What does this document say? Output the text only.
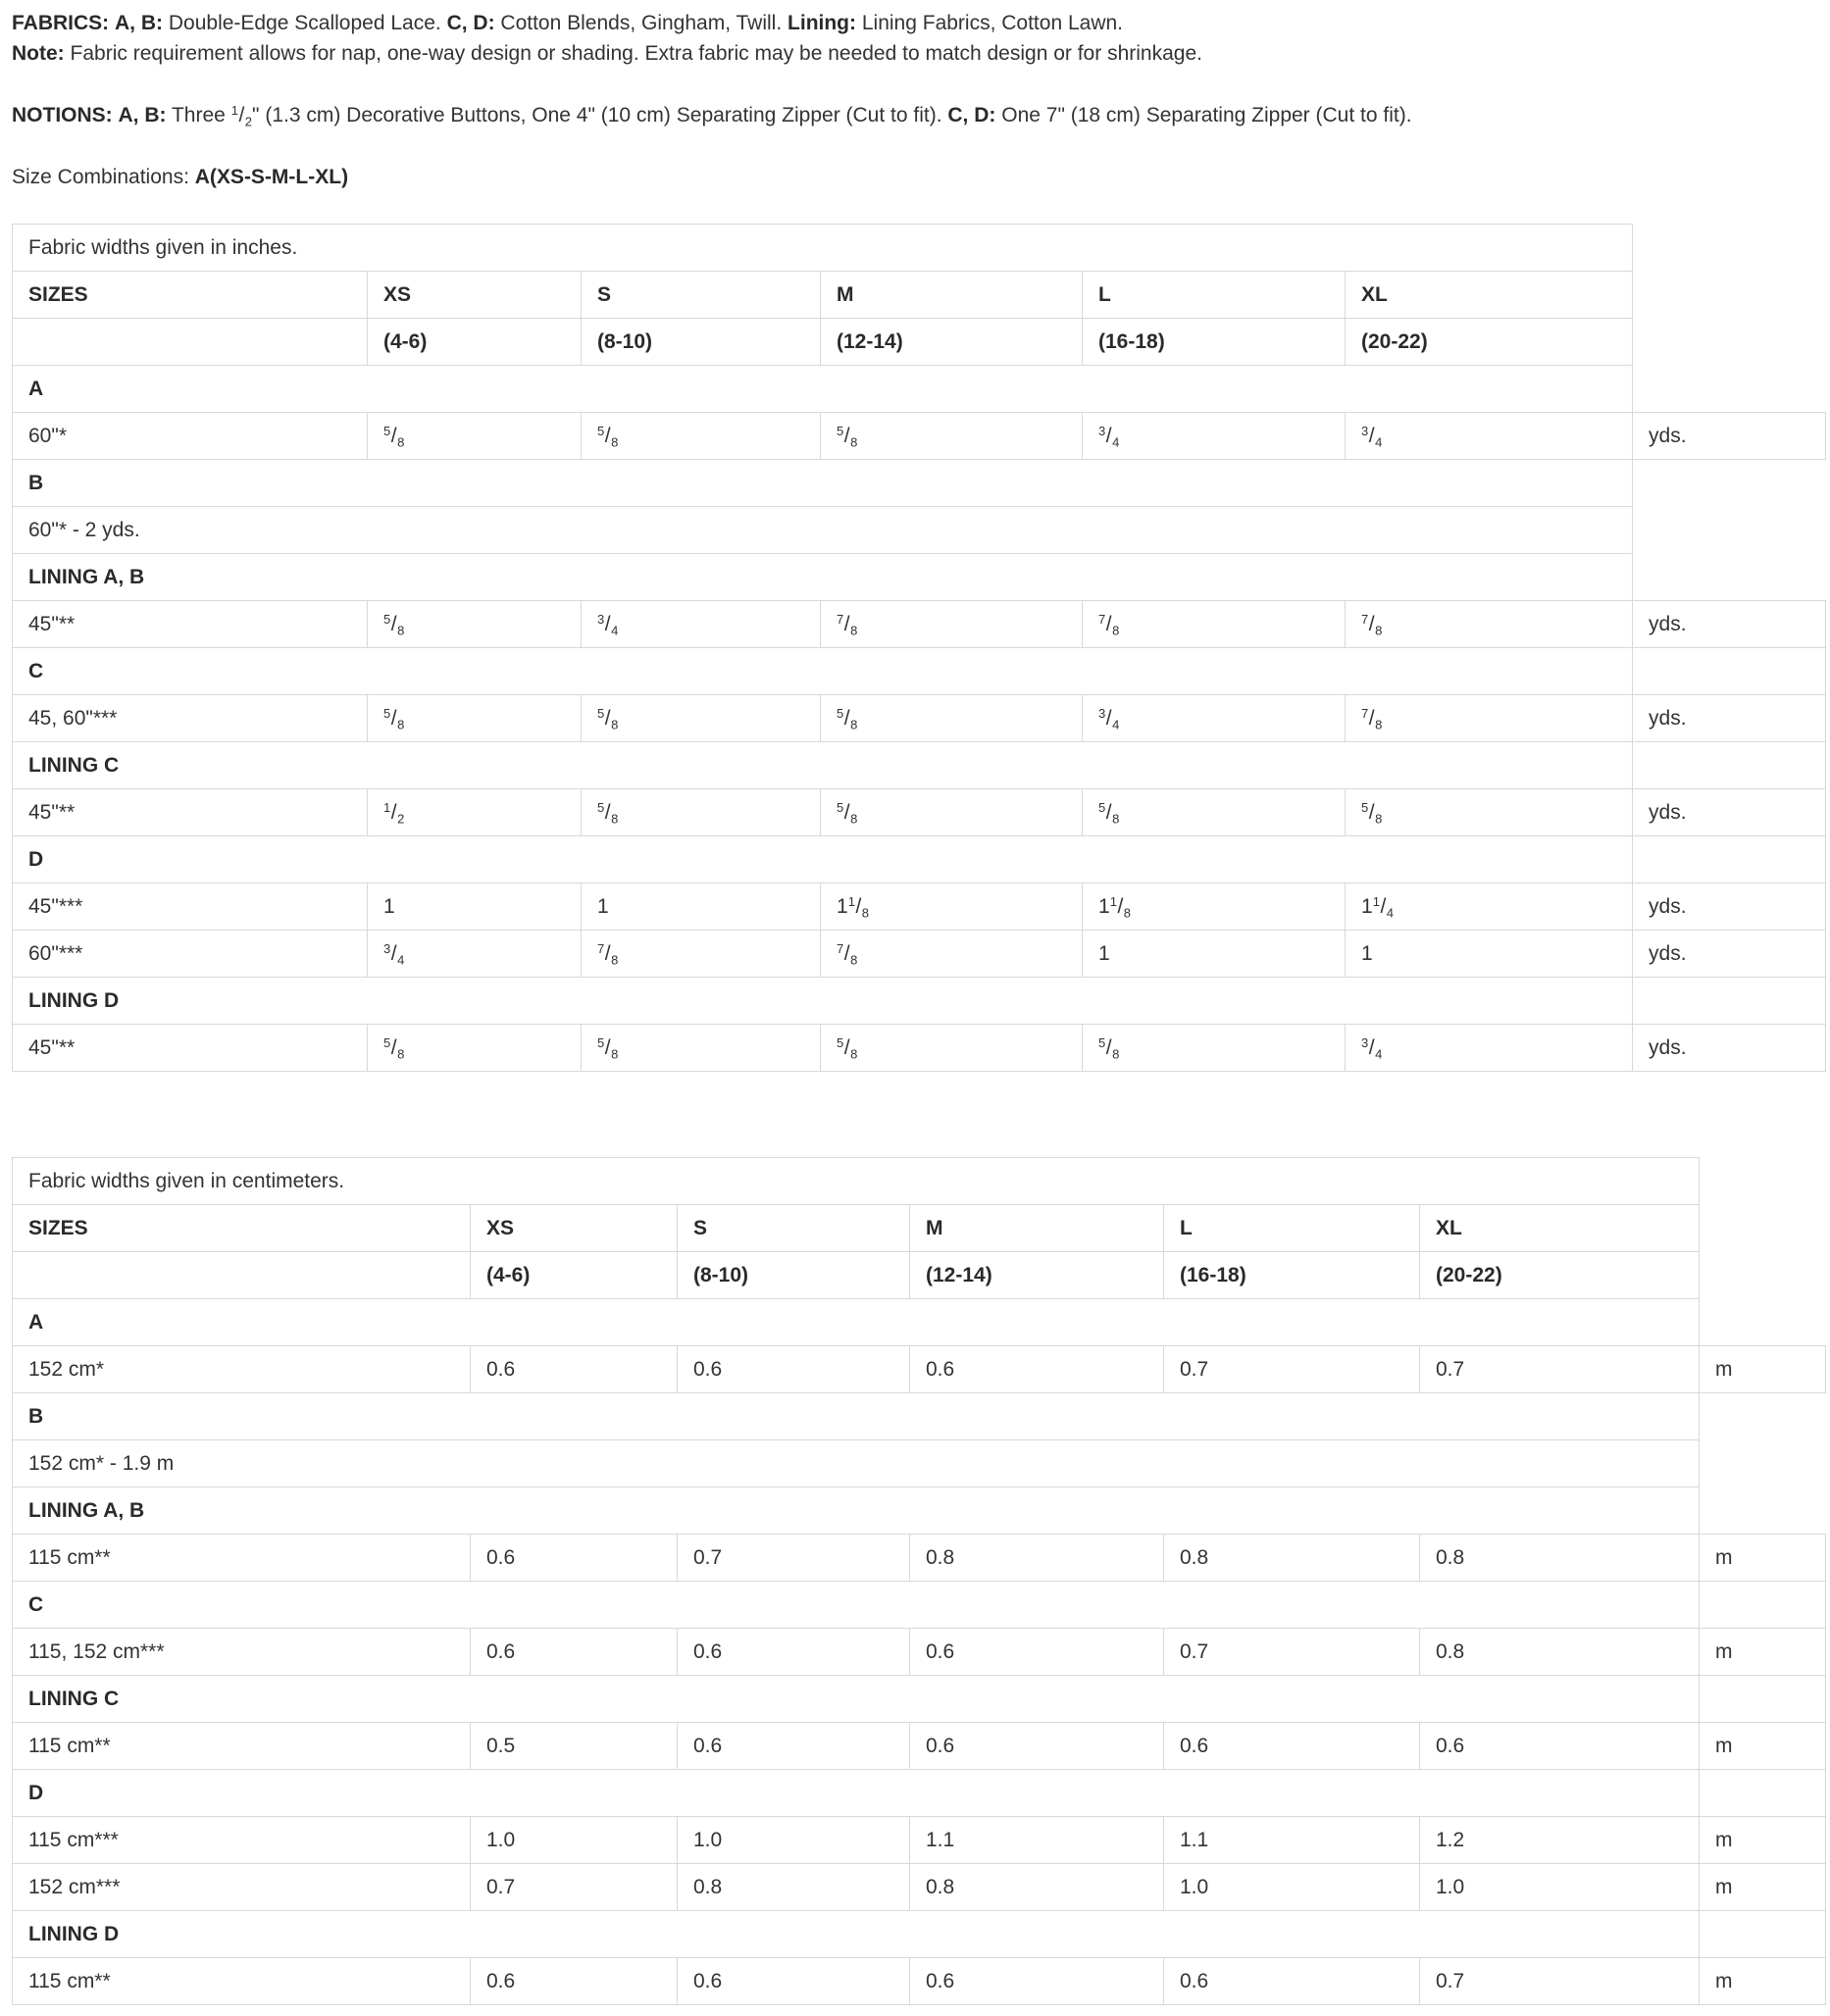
FABRICS: A, B: Double-Edge Scalloped Lace. C, D: Cotton Blends, Gingham, Twill. Lining: Lining Fabrics, Cotton Lawn.

Note: Fabric requirement allows for nap, one-way design or shading. Extra fabric may be needed to match design or for shrinkage.

NOTIONS: A, B: Three $^1/_2$" (1.3 cm) Decorative Buttons, One 4" (10 cm) Separating Zipper (Cut to fit). C, D: One 7" (18 cm) Separating Zipper (Cut to fit).

Size Combinations: A(XS-S-M-L-XL)

Fabric widths given in inches.						
SIZES	XS	S	M	L	XL	
	(4-6)	(8-10)	(12-14)	(16-18)	(20-22)	
A						
60"*	$^5/_8$	$^5/_8$	$^5/_8$	$^3/_4$	$^3/_4$	yds.
B						
60"* - 2 yds.						
LINING A, B						
45"**	$^5/_8$	$^3/_4$	$^7/_8$	$^7/_8$	$^7/_8$	yds.
C						
45, 60"***	$^5/_8$	$^5/_8$	$^5/_8$	$^3/_4$	$^7/_8$	yds.
LINING C						
45"**	$^1/_2$	$^5/_8$	$^5/_8$	$^5/_8$	$^5/_8$	yds.
D						
45"***	1	1	$1^1/_8$	$1^1/_8$	$1^1/_4$	yds.
60"***	$^3/_4$	$^7/_8$	$^7/_8$	1	1	yds.
LINING D						
45"**	$^5/_8$	$^5/_8$	$^5/_8$	$^5/_8$	$^3/_4$	yds.
Fabric widths given in centimeters.						
SIZES	XS	S	M	L	XL	
	(4-6)	(8-10)	(12-14)	(16-18)	(20-22)	
A						
152 cm*	0.6	0.6	0.6	0.7	0.7	m
B						
152 cm* - 1.9 m						
LINING A, B						
115 cm**	0.6	0.7	0.8	0.8	0.8	m
C						
115, 152 cm***	0.6	0.6	0.6	0.7	0.8	m
LINING C						
115 cm**	0.5	0.6	0.6	0.6	0.6	m
D						
115 cm***	1.0	1.0	1.1	1.1	1.2	m
152 cm***	0.7	0.8	0.8	1.0	1.0	m
LINING D						
115 cm**	0.6	0.6	0.6	0.6	0.7	m
